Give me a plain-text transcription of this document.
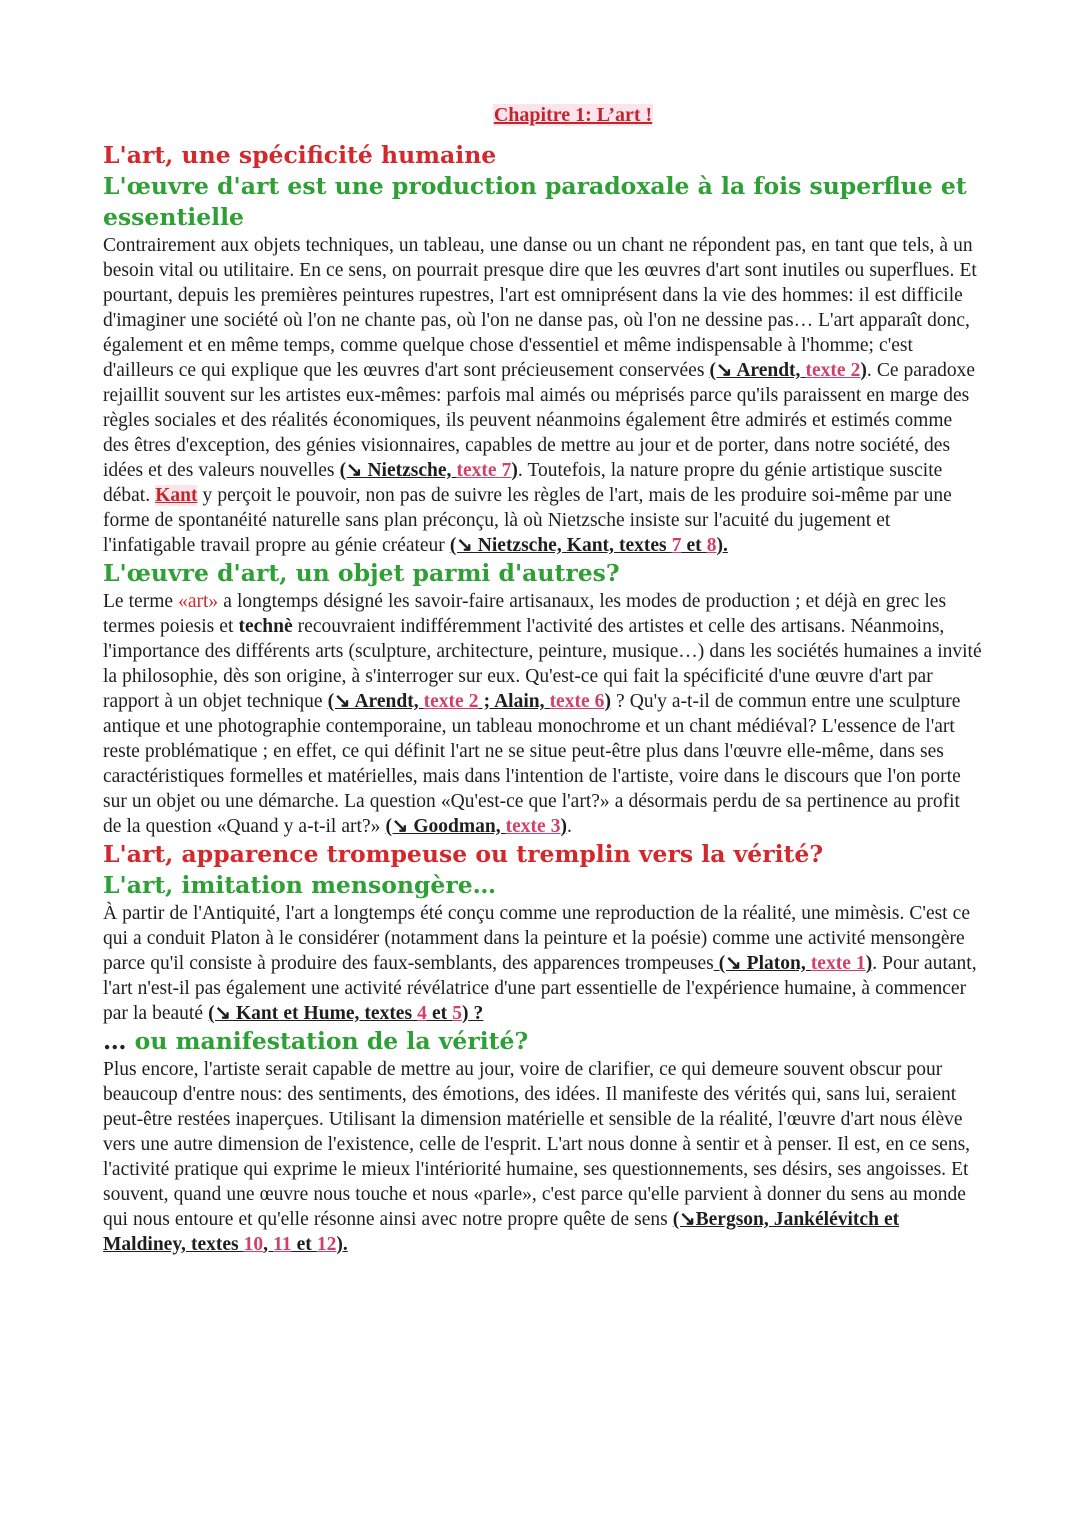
Chapitre 1: L’art !
L'art, une spécificité humaine
L'œuvre d'art est une production paradoxale à la fois superflue et essentielle

Contrairement aux objets techniques, un tableau, une danse ou un chant ne répondent pas, en tant que tels, à un besoin vital ou utilitaire. En ce sens, on pourrait presque dire que les œuvres d'art sont inutiles ou superflues. Et pourtant, depuis les premières peintures rupestres, l'art est omniprésent dans la vie des hommes: il est difficile d'imaginer une société où l'on ne chante pas, où l'on ne danse pas, où l'on ne dessine pas… L'art apparaît donc, également et en même temps, comme quelque chose d'essentiel et même indispensable à l'homme; c'est d'ailleurs ce qui explique que les œuvres d'art sont précieusement conservées (↘ Arendt, texte 2). Ce paradoxe rejaillit souvent sur les artistes eux-mêmes: parfois mal aimés ou méprisés parce qu'ils paraissent en marge des règles sociales et des réalités économiques, ils peuvent néanmoins également être admirés et estimés comme des êtres d'exception, des génies visionnaires, capables de mettre au jour et de porter, dans notre société, des idées et des valeurs nouvelles (↘ Nietzsche, texte 7). Toutefois, la nature propre du génie artistique suscite débat. Kant y perçoit le pouvoir, non pas de suivre les règles de l'art, mais de les produire soi-même par une forme de spontanéité naturelle sans plan préconçu, là où Nietzsche insiste sur l'acuité du jugement et l'infatigable travail propre au génie créateur (↘ Nietzsche, Kant, textes 7 et 8).

L'œuvre d'art, un objet parmi d'autres?

Le terme «art» a longtemps désigné les savoir-faire artisanaux, les modes de production ; et déjà en grec les termes poiesis et technè recouvraient indifféremment l'activité des artistes et celle des artisans. Néanmoins, l'importance des différents arts (sculpture, architecture, peinture, musique…) dans les sociétés humaines a invité la philosophie, dès son origine, à s'interroger sur eux. Qu'est-ce qui fait la spécificité d'une œuvre d'art par rapport à un objet technique (↘ Arendt, texte 2 ; Alain, texte 6) ? Qu'y a-t-il de commun entre une sculpture antique et une photographie contemporaine, un tableau monochrome et un chant médiéval? L'essence de l'art reste problématique ; en effet, ce qui définit l'art ne se situe peut-être plus dans l'œuvre elle-même, dans ses caractéristiques formelles et matérielles, mais dans l'intention de l'artiste, voire dans le discours que l'on porte sur un objet ou une démarche. La question «Qu'est-ce que l'art?» a désormais perdu de sa pertinence au profit de la question «Quand y a-t-il art?» (↘ Goodman, texte 3).

L'art, apparence trompeuse ou tremplin vers la vérité?
L'art, imitation mensongère…

À partir de l'Antiquité, l'art a longtemps été conçu comme une reproduction de la réalité, une mimèsis. C'est ce qui a conduit Platon à le considérer (notamment dans la peinture et la poésie) comme une activité mensongère parce qu'il consiste à produire des faux-semblants, des apparences trompeuses (↘ Platon, texte 1). Pour autant, l'art n'est-il pas également une activité révélatrice d'une part essentielle de l'expérience humaine, à commencer par la beauté (↘ Kant et Hume, textes 4 et 5) ?

… ou manifestation de la vérité?

Plus encore, l'artiste serait capable de mettre au jour, voire de clarifier, ce qui demeure souvent obscur pour beaucoup d'entre nous: des sentiments, des émotions, des idées. Il manifeste des vérités qui, sans lui, seraient peut-être restées inaperçues. Utilisant la dimension matérielle et sensible de la réalité, l'œuvre d'art nous élève vers une autre dimension de l'existence, celle de l'esprit. L'art nous donne à sentir et à penser. Il est, en ce sens, l'activité pratique qui exprime le mieux l'intériorité humaine, ses questionnements, ses désirs, ses angoisses. Et souvent, quand une œuvre nous touche et nous «parle», c'est parce qu'elle parvient à donner du sens au monde qui nous entoure et qu'elle résonne ainsi avec notre propre quête de sens (↘Bergson, Jankélévitch et Maldiney, textes 10, 11 et 12).
